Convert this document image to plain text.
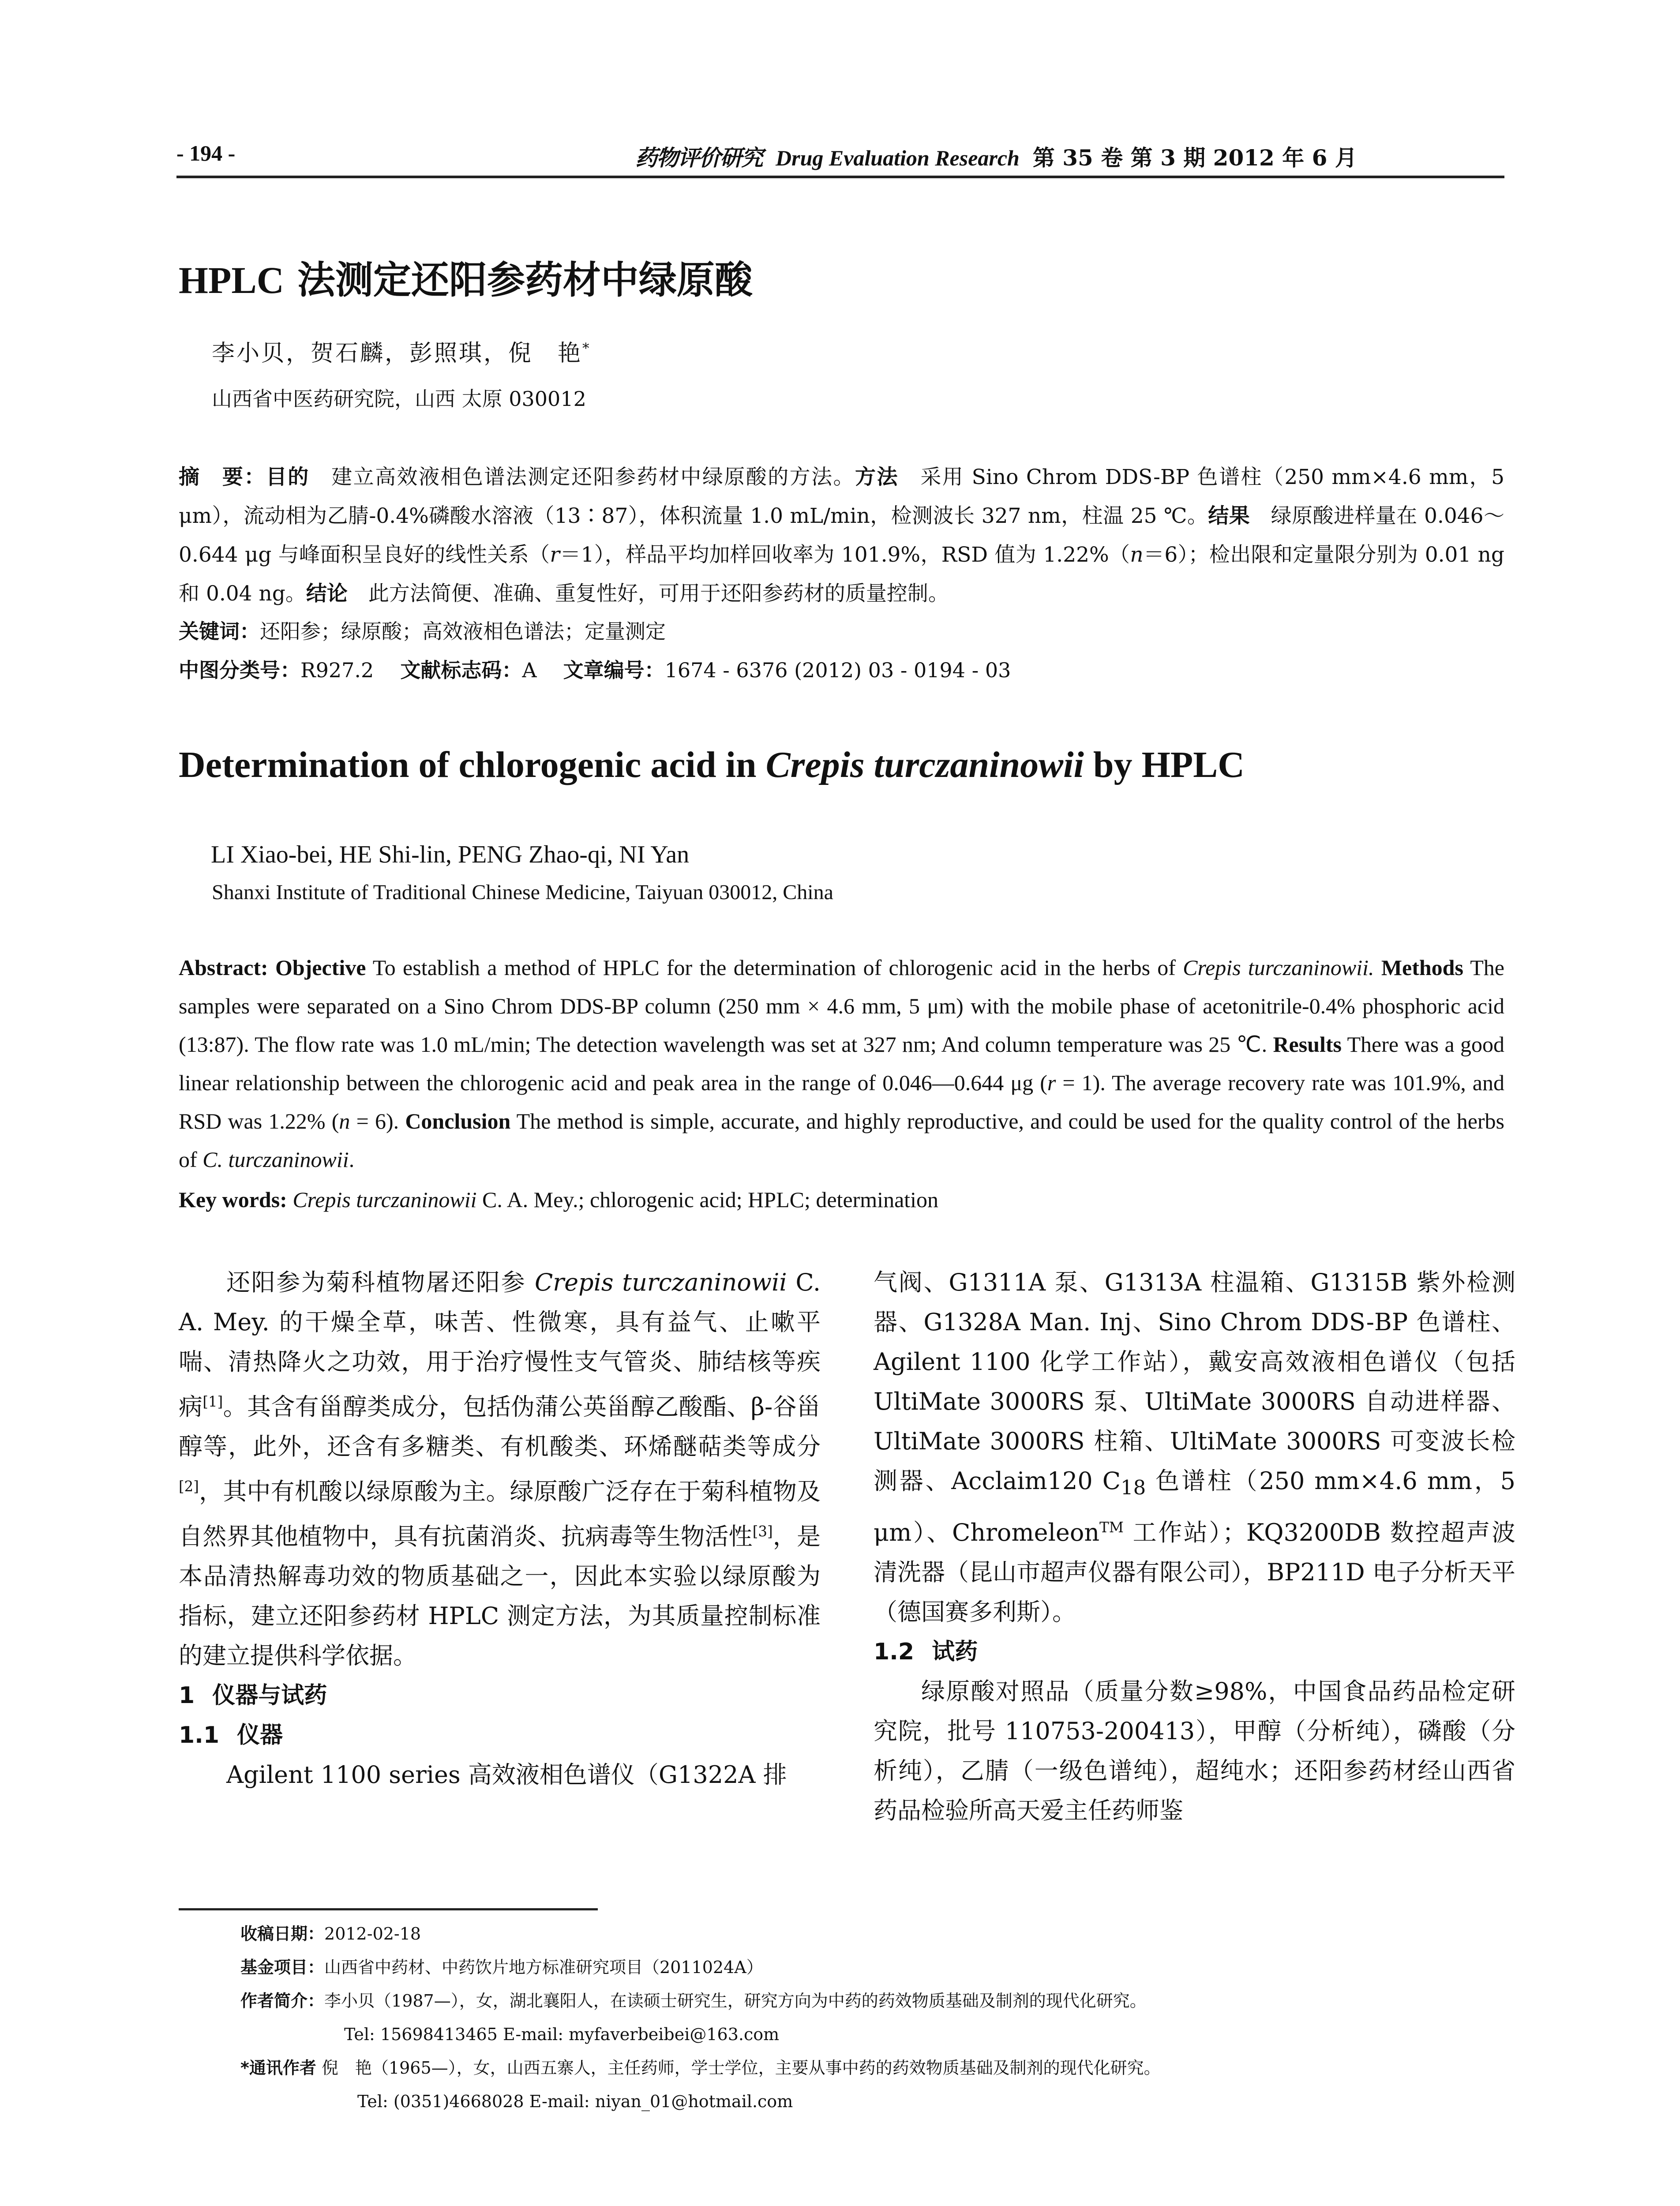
- 194 -	药物评价研究 Drug Evaluation Research 第 35 卷 第 3 期 2012 年 6 月
HPLC 法测定还阳参药材中绿原酸
李小贝，贺石麟，彭照琪，倪　艳*
山西省中医药研究院，山西 太原 030012
摘　要：目的　建立高效液相色谱法测定还阳参药材中绿原酸的方法。方法　采用 Sino Chrom DDS-BP 色谱柱（250 mm×4.6 mm，5 μm），流动相为乙腈-0.4%磷酸水溶液（13∶87），体积流量 1.0 mL/min，检测波长 327 nm，柱温 25 ℃。结果　绿原酸进样量在 0.046～0.644 μg 与峰面积呈良好的线性关系（r＝1），样品平均加样回收率为 101.9%，RSD 值为 1.22%（n＝6）；检出限和定量限分别为 0.01 ng 和 0.04 ng。结论　此方法简便、准确、重复性好，可用于还阳参药材的质量控制。
关键词：还阳参；绿原酸；高效液相色谱法；定量测定
中图分类号：R927.2 文献标志码：A 文章编号：1674 - 6376 (2012) 03 - 0194 - 03
Determination of chlorogenic acid in Crepis turczaninowii by HPLC
LI Xiao-bei, HE Shi-lin, PENG Zhao-qi, NI Yan
Shanxi Institute of Traditional Chinese Medicine, Taiyuan 030012, China
Abstract: Objective To establish a method of HPLC for the determination of chlorogenic acid in the herbs of Crepis turczaninowii. Methods The samples were separated on a Sino Chrom DDS-BP column (250 mm × 4.6 mm, 5 μm) with the mobile phase of acetonitrile-0.4% phosphoric acid (13:87). The flow rate was 1.0 mL/min; The detection wavelength was set at 327 nm; And column temperature was 25 ℃. Results There was a good linear relationship between the chlorogenic acid and peak area in the range of 0.046—0.644 μg (r = 1). The average recovery rate was 101.9%, and RSD was 1.22% (n = 6). Conclusion The method is simple, accurate, and highly reproductive, and could be used for the quality control of the herbs of C. turczaninowii.
Key words: Crepis turczaninowii C. A. Mey.; chlorogenic acid; HPLC; determination

还阳参为菊科植物屠还阳参 Crepis turczaninowii C. A. Mey. 的干燥全草，味苦、性微寒，具有益气、止嗽平喘、清热降火之功效，用于治疗慢性支气管炎、肺结核等疾病[1]。其含有甾醇类成分，包括伪蒲公英甾醇乙酸酯、β-谷甾醇等，此外，还含有多糖类、有机酸类、环烯醚萜类等成分[2]，其中有机酸以绿原酸为主。绿原酸广泛存在于菊科植物及自然界其他植物中，具有抗菌消炎、抗病毒等生物活性[3]，是本品清热解毒功效的物质基础之一，因此本实验以绿原酸为指标，建立还阳参药材 HPLC 测定方法，为其质量控制标准的建立提供科学依据。

1 仪器与试药
1.1 仪器

Agilent 1100 series 高效液相色谱仪（G1322A 排

气阀、G1311A 泵、G1313A 柱温箱、G1315B 紫外检测器、G1328A Man. Inj、Sino Chrom DDS-BP 色谱柱、Agilent 1100 化学工作站），戴安高效液相色谱仪（包括 UltiMate 3000RS 泵、UltiMate 3000RS 自动进样器、UltiMate 3000RS 柱箱、UltiMate 3000RS 可变波长检测器、Acclaim120 $C_{18}$ 色谱柱（250 mm×4.6 mm，5 μm）、Chromeleon™ 工作站）；KQ3200DB 数控超声波清洗器（昆山市超声仪器有限公司），BP211D 电子分析天平（德国赛多利斯）。

1.2 试药

绿原酸对照品（质量分数≥98%，中国食品药品检定研究院，批号 110753-200413），甲醇（分析纯），磷酸（分析纯），乙腈（一级色谱纯），超纯水；还阳参药材经山西省药品检验所高天爱主任药师鉴

收稿日期：2012-02-18
基金项目：山西省中药材、中药饮片地方标准研究项目（2011024A）
作者简介：李小贝（1987—），女，湖北襄阳人，在读硕士研究生，研究方向为中药的药效物质基础及制剂的现代化研究。
Tel: 15698413465 E-mail: myfaverbeibei@163.com
*通讯作者 倪　艳（1965—），女，山西五寨人，主任药师，学士学位，主要从事中药的药效物质基础及制剂的现代化研究。
Tel: (0351)4668028 E-mail: niyan_01@hotmail.com
